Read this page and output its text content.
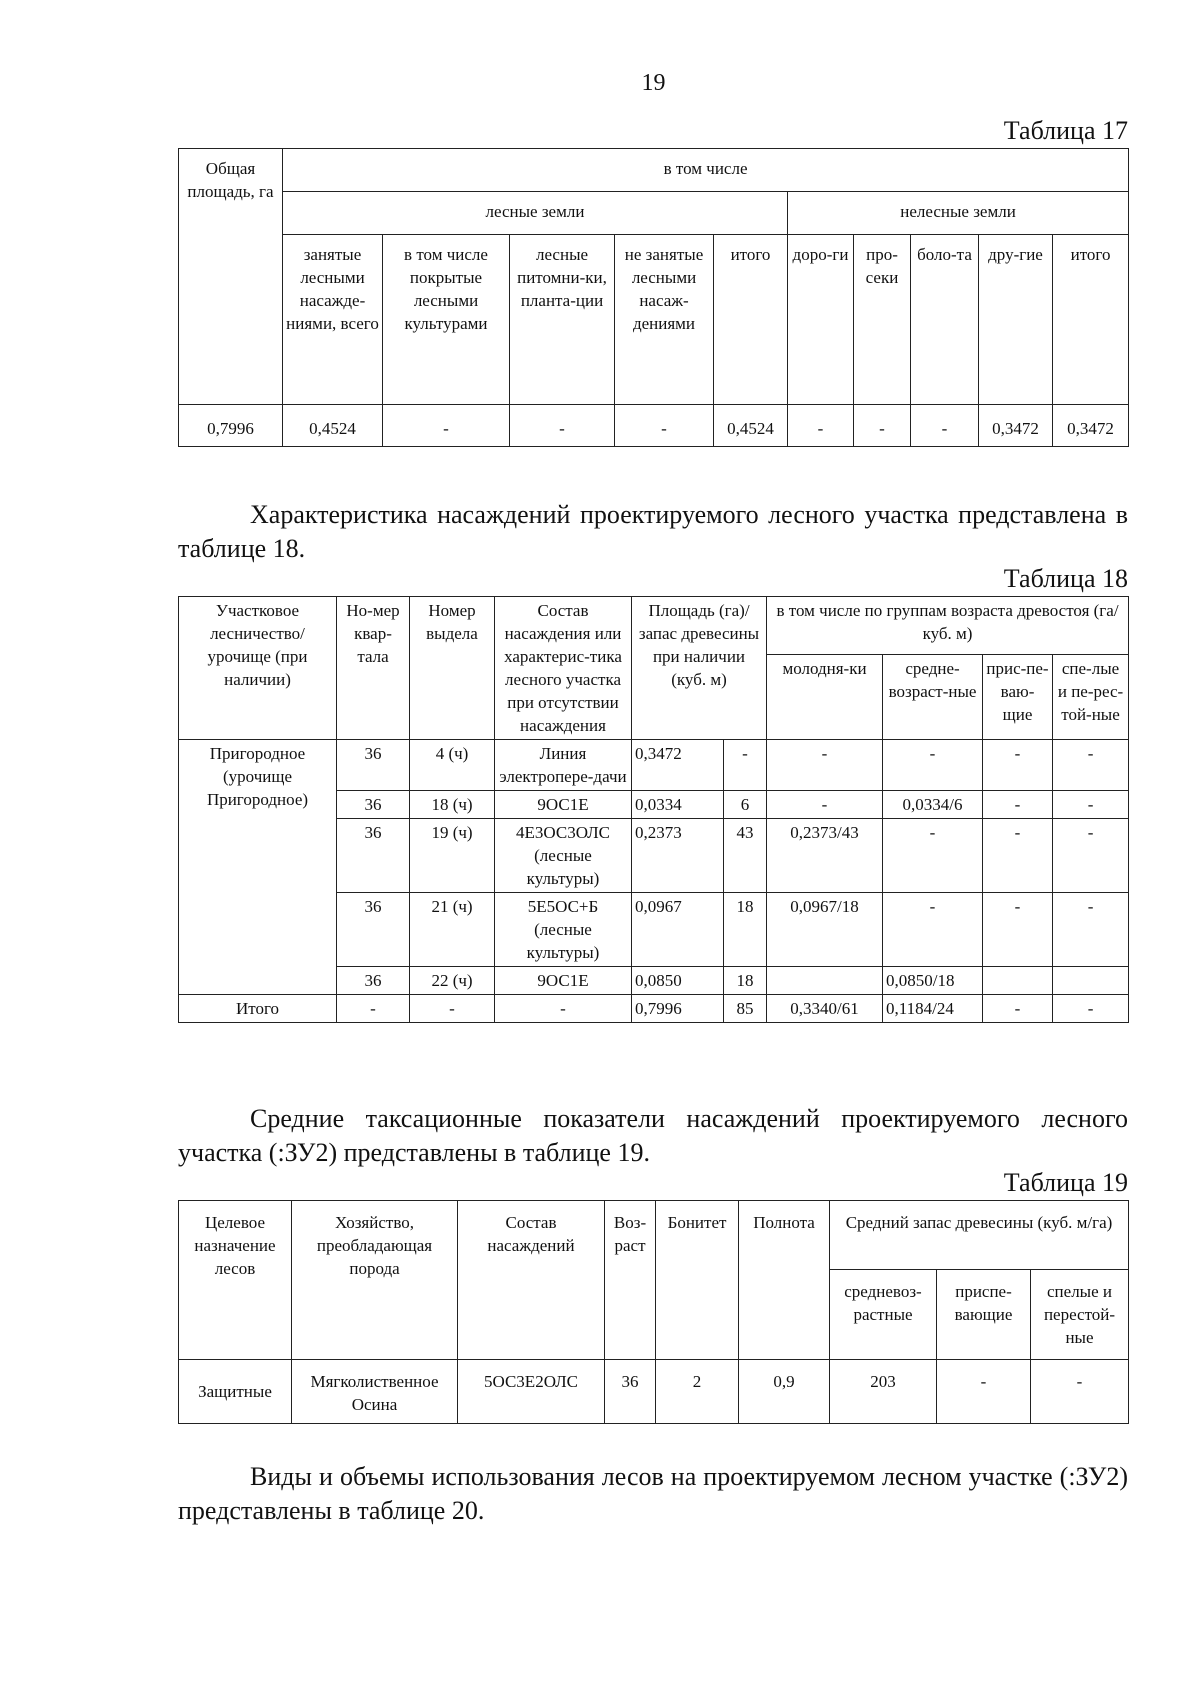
19
Таблица 17
Общая площадь, га	в том числе									
	лесные земли					нелесные земли				
	занятые лесными насажде-ниями, всего	в том числе покрытые лесными культурами	лесные питомни-ки, планта-ции	не занятые лесными насаж-дениями	итого	доро-ги	про-секи	боло-та	дру-гие	итого
0,7996	0,4524	-	-	-	0,4524	-	-	-	0,3472	0,3472

Характеристика насаждений проектируемого лесного участка представлена в таблице 18.

Таблица 18
Участковое лесничество/ урочище (при наличии)	Но-мер квар-тала	Номер выдела	Состав насаждения или характерис-тика лесного участка при отсутствии насаждения	Площадь (га)/запас древесины при наличии (куб. м)		в том числе по группам возраста древостоя (га/куб. м)			
						молодня-ки	средне-возраст-ные	прис-пе-ваю-щие	спе-лые и пе-рес-той-ные
Пригородное (урочище Пригородное)	36	4 (ч)	Линия электропере-дачи	0,3472	-	-	-	-	-
	36	18 (ч)	9ОС1Е	0,0334	6	-	0,0334/6	-	-
	36	19 (ч)	4Е3ОС3ОЛС (лесные культуры)	0,2373	43	0,2373/43	-	-	-
	36	21 (ч)	5Е5ОС+Б (лесные культуры)	0,0967	18	0,0967/18	-	-	-
	36	22 (ч)	9ОС1Е	0,0850	18		0,0850/18		
Итого	-	-	-	0,7996	85	0,3340/61	0,1184/24	-	-

Средние таксационные показатели насаждений проектируемого лесного участка (:ЗУ2) представлены в таблице 19.

Таблица 19
Целевое назначение лесов	Хозяйство, преобладающая порода	Состав насаждений	Воз-раст	Бонитет	Полнота	Средний запас древесины (куб. м/га)		
						средневоз-растные	приспе-вающие	спелые и перестой-ные
Защитные	Мягколиственное Осина	5ОС3Е2ОЛС	36	2	0,9	203	-	-

Виды и объемы использования лесов на проектируемом лесном участке (:ЗУ2) представлены в таблице 20.
